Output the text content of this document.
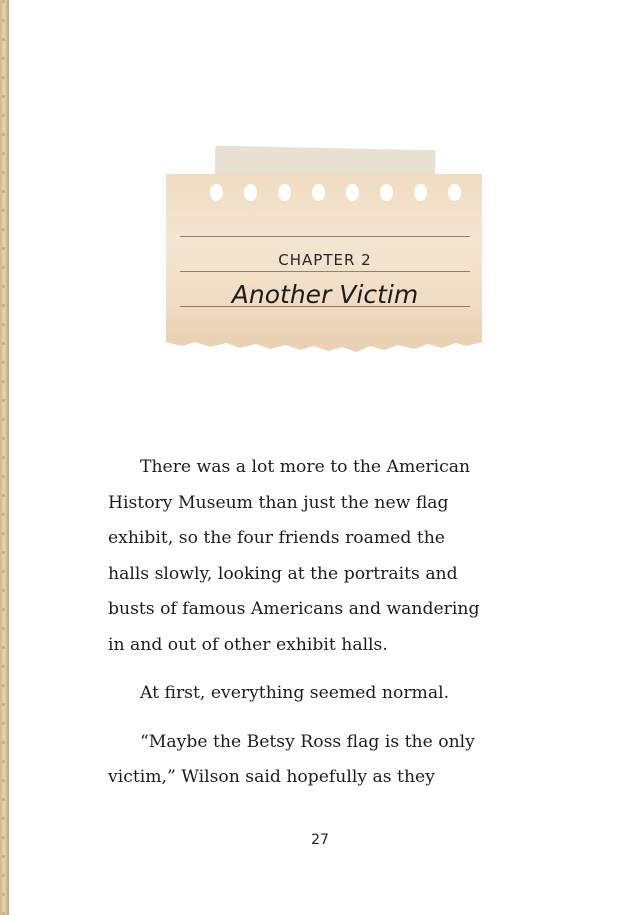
CHAPTER 2
Another Victim
There was a lot more to the American
History Museum than just the new flag
exhibit, so the four friends roamed the
halls slowly, looking at the portraits and
busts of famous Americans and wandering
in and out of other exhibit halls.
At first, everything seemed normal.
“Maybe the Betsy Ross flag is the only
victim,” Wilson said hopefully as they
27
